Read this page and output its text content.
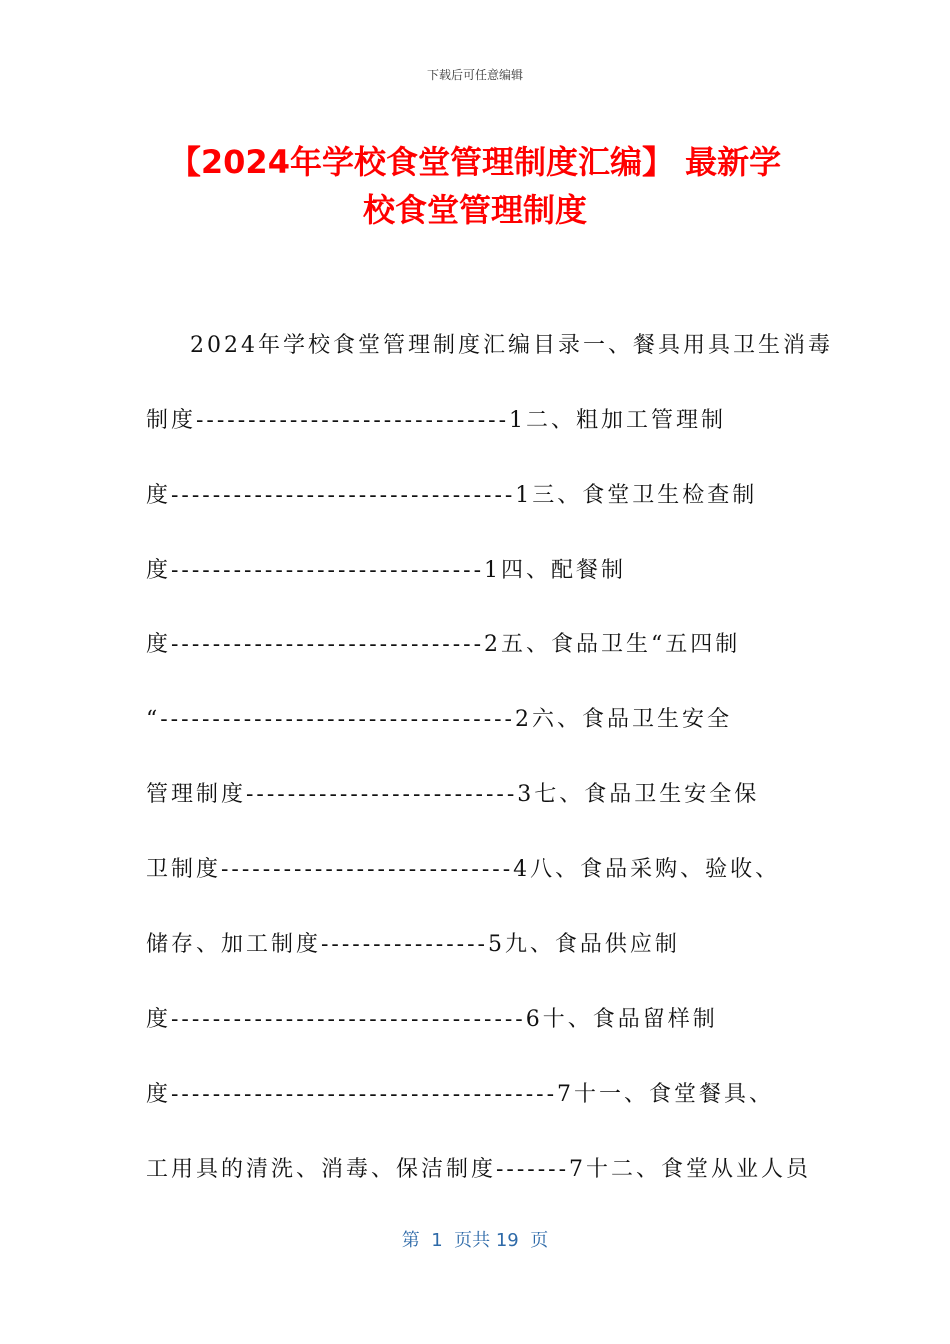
下载后可任意编辑
【2024年学校食堂管理制度汇编】 最新学
校食堂管理制度

2024年学校食堂管理制度汇编目录一、餐具用具卫生消毒

制度------------------------------1二、粗加工管理制

度---------------------------------1三、食堂卫生检查制

度------------------------------1四、配餐制

度------------------------------2五、食品卫生“五四制

“----------------------------------2六、食品卫生安全

管理制度--------------------------3七、食品卫生安全保

卫制度----------------------------4八、食品采购、验收、

储存、加工制度----------------5九、食品供应制

度----------------------------------6十、食品留样制

度-------------------------------------7十一、食堂餐具、

工用具的清洗、消毒、保洁制度-------7十二、食堂从业人员

第  1  页共 19  页
